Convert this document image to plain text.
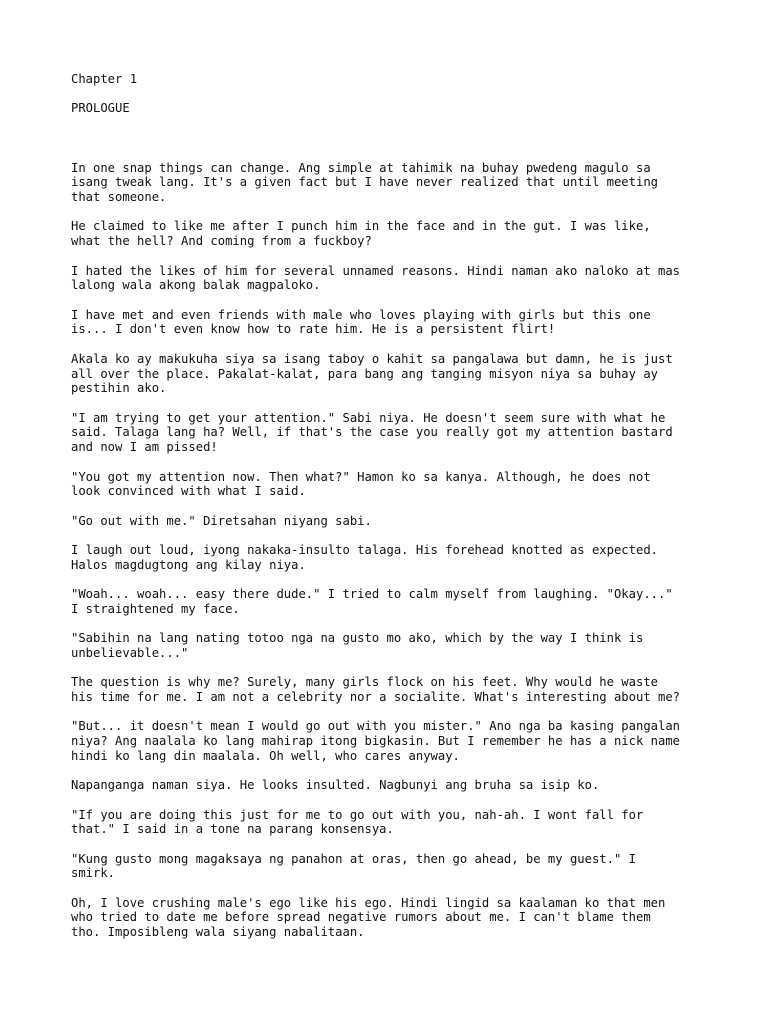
Chapter 1
PROLOGUE

In one snap things can change. Ang simple at tahimik na buhay pwedeng magulo sa
isang tweak lang. It's a given fact but I have never realized that until meeting
that someone.

He claimed to like me after I punch him in the face and in the gut. I was like,
what the hell? And coming from a fuckboy?

I hated the likes of him for several unnamed reasons. Hindi naman ako naloko at mas
lalong wala akong balak magpaloko.

I have met and even friends with male who loves playing with girls but this one
is... I don't even know how to rate him. He is a persistent flirt!

Akala ko ay makukuha siya sa isang taboy o kahit sa pangalawa but damn, he is just
all over the place. Pakalat-kalat, para bang ang tanging misyon niya sa buhay ay
pestihin ako.

"I am trying to get your attention." Sabi niya. He doesn't seem sure with what he
said. Talaga lang ha? Well, if that's the case you really got my attention bastard
and now I am pissed!

"You got my attention now. Then what?" Hamon ko sa kanya. Although, he does not
look convinced with what I said.

"Go out with me." Diretsahan niyang sabi.

I laugh out loud, iyong nakaka-insulto talaga. His forehead knotted as expected.
Halos magdugtong ang kilay niya.

"Woah... woah... easy there dude." I tried to calm myself from laughing. "Okay..."
I straightened my face.

"Sabihin na lang nating totoo nga na gusto mo ako, which by the way I think is
unbelievable..."

The question is why me? Surely, many girls flock on his feet. Why would he waste
his time for me. I am not a celebrity nor a socialite. What's interesting about me?

"But... it doesn't mean I would go out with you mister." Ano nga ba kasing pangalan
niya? Ang naalala ko lang mahirap itong bigkasin. But I remember he has a nick name
hindi ko lang din maalala. Oh well, who cares anyway.

Napanganga naman siya. He looks insulted. Nagbunyi ang bruha sa isip ko.

"If you are doing this just for me to go out with you, nah-ah. I wont fall for
that." I said in a tone na parang konsensya.

"Kung gusto mong magaksaya ng panahon at oras, then go ahead, be my guest." I
smirk.

Oh, I love crushing male's ego like his ego. Hindi lingid sa kaalaman ko that men
who tried to date me before spread negative rumors about me. I can't blame them
tho. Imposibleng wala siyang nabalitaan.
